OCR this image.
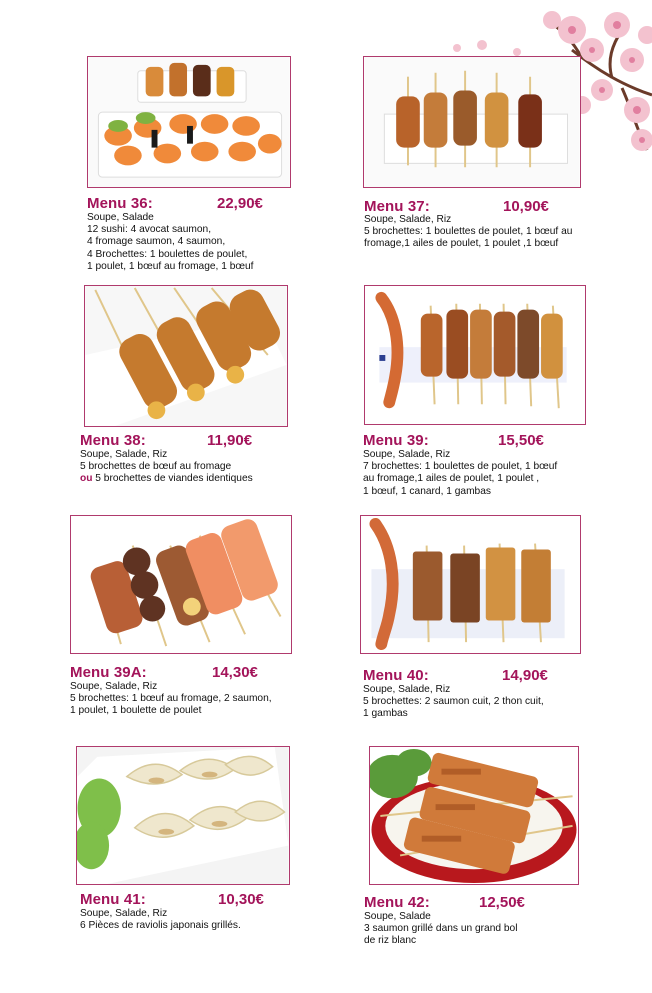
Menu 36:	22,90€
Soupe, Salade
12 sushi: 4 avocat saumon,
4 fromage saumon, 4 saumon,
4 Brochettes: 1 boulettes de poulet,
1 poulet, 1 bœuf au fromage, 1 bœuf
Menu 37:	10,90€
Soupe, Salade, Riz
5 brochettes: 1 boulettes de poulet, 1 bœuf au
fromage,1 ailes de poulet, 1 poulet ,1 bœuf
Menu 38:	11,90€
Soupe, Salade, Riz
5 brochettes de bœuf au fromage
ou 5 brochettes de viandes identiques
Menu 39:	15,50€
Soupe, Salade, Riz
7 brochettes: 1 boulettes de poulet, 1 bœuf
au fromage,1 ailes de poulet, 1 poulet ,
1 bœuf, 1 canard, 1 gambas
Menu 39A:	14,30€
Soupe, Salade, Riz
5 brochettes: 1 bœuf au fromage, 2 saumon,
1 poulet, 1 boulette de poulet
Menu 40:	14,90€
Soupe, Salade, Riz
5 brochettes: 2 saumon cuit, 2 thon cuit,
1 gambas
Menu 41:	10,30€
Soupe, Salade, Riz
6 Pièces de raviolis japonais grillés.
Menu 42:	12,50€
Soupe, Salade
3 saumon grillé dans un grand bol
de riz blanc
